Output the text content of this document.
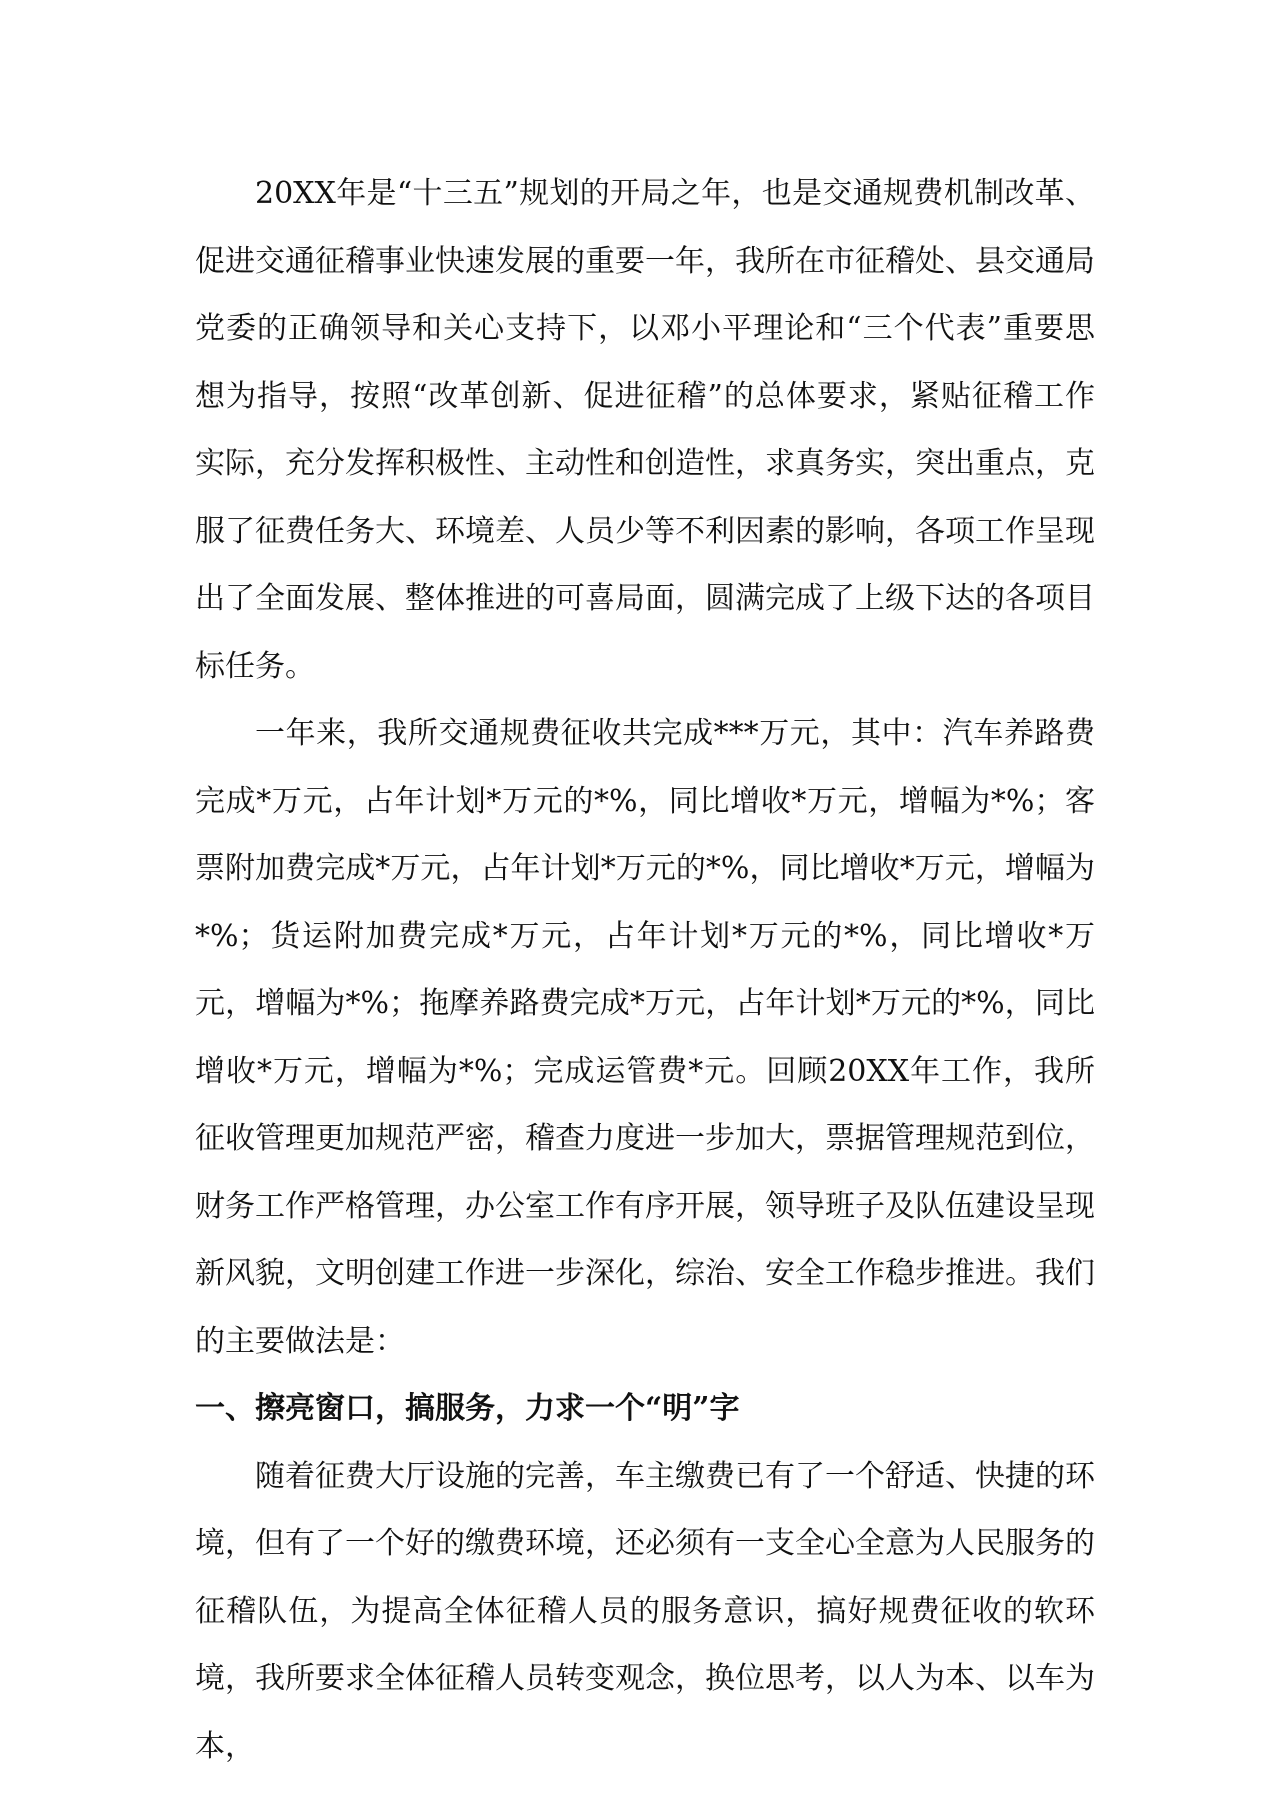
20XX年是“十三五”规划的开局之年，也是交通规费机制改革、促进交通征稽事业快速发展的重要一年，我所在市征稽处、县交通局党委的正确领导和关心支持下，以邓小平理论和“三个代表”重要思想为指导，按照“改革创新、促进征稽”的总体要求，紧贴征稽工作实际，充分发挥积极性、主动性和创造性，求真务实，突出重点，克服了征费任务大、环境差、人员少等不利因素的影响，各项工作呈现出了全面发展、整体推进的可喜局面，圆满完成了上级下达的各项目标任务。

一年来，我所交通规费征收共完成***万元，其中：汽车养路费完成*万元，占年计划*万元的*%，同比增收*万元，增幅为*%；客票附加费完成*万元，占年计划*万元的*%，同比增收*万元，增幅为*%；货运附加费完成*万元，占年计划*万元的*%，同比增收*万元，增幅为*%；拖摩养路费完成*万元，占年计划*万元的*%，同比增收*万元，增幅为*%；完成运管费*元。回顾20XX年工作，我所征收管理更加规范严密，稽查力度进一步加大，票据管理规范到位，财务工作严格管理，办公室工作有序开展，领导班子及队伍建设呈现新风貌，文明创建工作进一步深化，综治、安全工作稳步推进。我们的主要做法是：

一、擦亮窗口，搞服务，力求一个“明”字

随着征费大厅设施的完善，车主缴费已有了一个舒适、快捷的环境，但有了一个好的缴费环境，还必须有一支全心全意为人民服务的征稽队伍，为提高全体征稽人员的服务意识，搞好规费征收的软环境，我所要求全体征稽人员转变观念，换位思考，以人为本、以车为本，
